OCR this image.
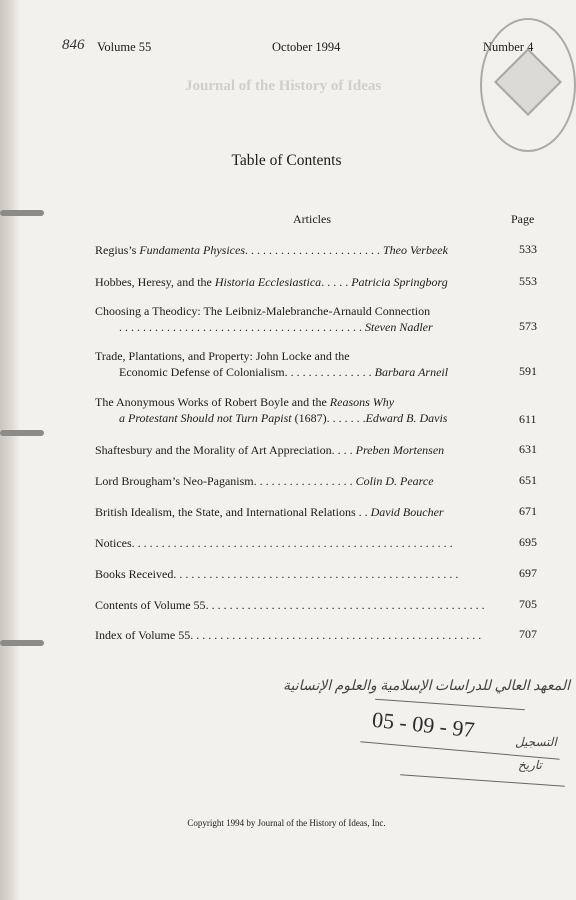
846 Volume 55	October 1994	Number 4
Journal of the History of Ideas
Table of Contents
Articles	Page
Regius’s Fundamenta Physices. . . . . . . . . . . . . . . . . . . . . . . Theo Verbeek	533
Hobbes, Heresy, and the Historia Ecclesiastica. . . . . Patricia Springborg	553
Choosing a Theodicy: The Leibniz-Malebranche-Arnauld Connection
. . . . . . . . . . . . . . . . . . . . . . . . . . . . . . . . . . . . . . . . . Steven Nadler	573
Trade, Plantations, and Property: John Locke and the
Economic Defense of Colonialism. . . . . . . . . . . . . . . Barbara Arneil	591
The Anonymous Works of Robert Boyle and the Reasons Why
a Protestant Should not Turn Papist (1687). . . . . . .Edward B. Davis	611
Shaftesbury and the Morality of Art Appreciation. . . . Preben Mortensen	631
Lord Brougham’s Neo-Paganism. . . . . . . . . . . . . . . . . Colin D. Pearce	651
British Idealism, the State, and International Relations . . David Boucher	671
Notices. . . . . . . . . . . . . . . . . . . . . . . . . . . . . . . . . . . . . . . . . . . . . . . . . . . . . .	695
Books Received. . . . . . . . . . . . . . . . . . . . . . . . . . . . . . . . . . . . . . . . . . . . . . . .	697
Contents of Volume 55. . . . . . . . . . . . . . . . . . . . . . . . . . . . . . . . . . . . . . . . . . . . . . .	705
Index of Volume 55. . . . . . . . . . . . . . . . . . . . . . . . . . . . . . . . . . . . . . . . . . . . . . . . .	707
المعهد العالي للدراسات الإسلامية والعلوم الإنسانية
05 - 09 - 97	التسجيل
تاريخ
Copyright 1994 by Journal of the History of Ideas, Inc.
